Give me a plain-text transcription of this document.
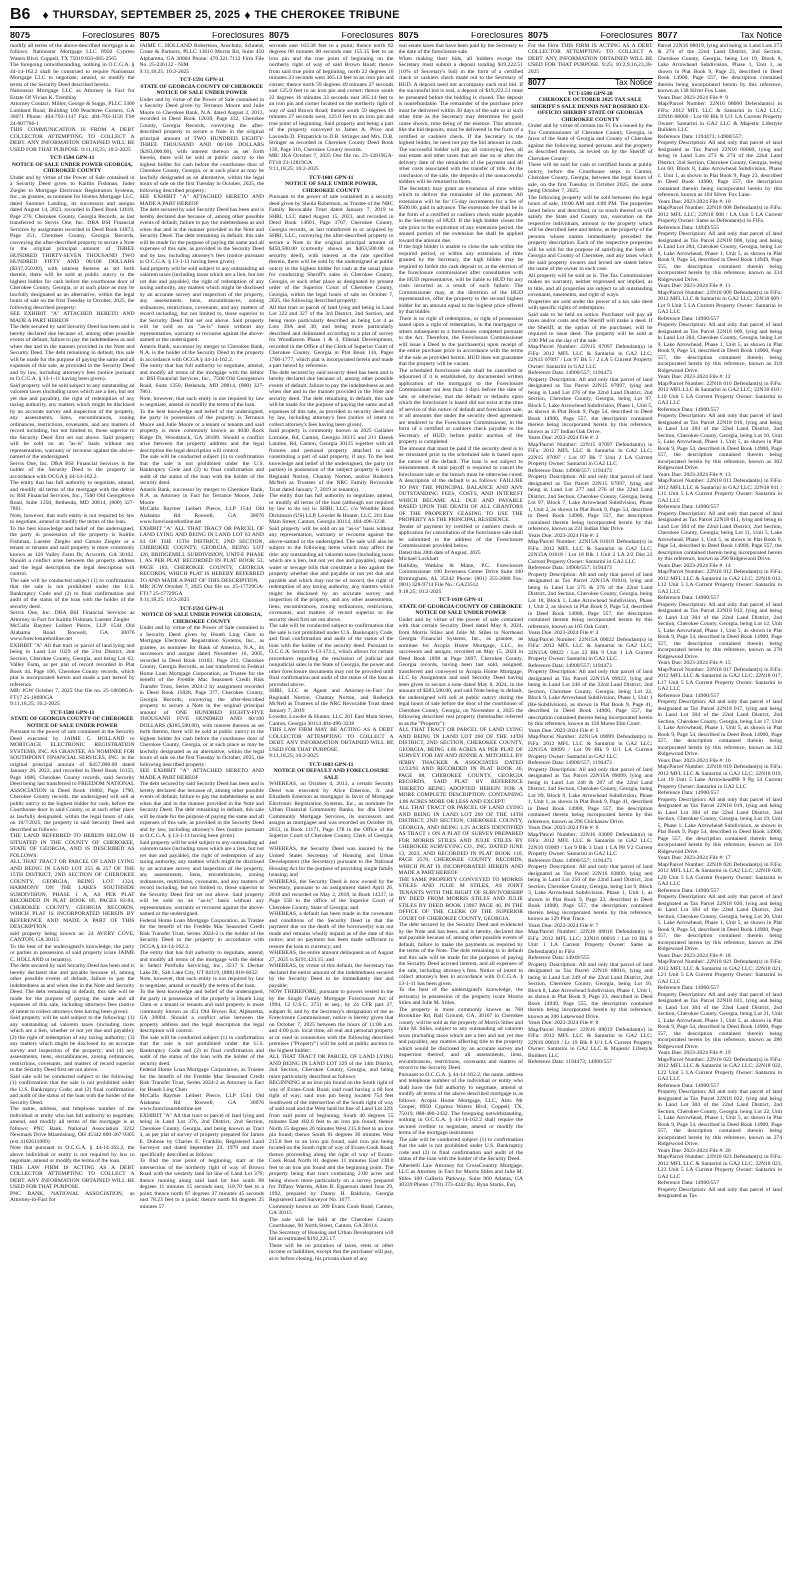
B6 ♦ THURSDAY, SEPTEMBER 25, 2025 ♦ THE CHEROKEE TRIBUNE
8075	Foreclosures

modify all terms of the above-described mortgage is as follows: Nationstar Mortgage LLC 8950 Cypress Waters Blvd. Coppell, TX 75019 833-685-2565

The foregoing notwithstanding, nothing in O.C.G.A. § 44-14-162.2 shall be construed to require Nationstar Mortgage LLC to negotiate, amend, or modify the terms of the Security Deed described herein.

Nationstar Mortgage LLC as Attorney in Fact for Estate Of Vivian K. Tremblay

Attorney Contact: Miller, George & Suggs, PLLC 3300 Lumbard Road, Building 100 Peachtree Corners, GA 30071 Phone: 404-793-1147 Fax: 404-793-1150 TS# 24-007766-1

THIS COMMUNICATION IS FROM A DEBT COLLECTOR ATTEMPTING TO COLLECT A DEBT. ANY INFORMATION OBTAINED WILL BE USED FOR THAT PURPOSE. 9:11,18,25; 10:2-2025

TCT-1584 GPN-11

NOTICE OF SALE UNDER POWER GEORGIA, CHEROKEE COUNTY

Under and by virtue of the Power of Sale contained in a Security Deed given to Kaitlin Fishman, Juder Ziegler to Mortgage Electronic Registration Systems, Inc., as grantee, as nominee for Homes Mortgage LLC, dated Summer Landing, its successors and assigns dated August 14, 2023, recorded in Deed Book 14618, Page 276, Cherokee County, Georgia Records, as last transferred to Servis One, Inc. DBA BSI Financial Services by assignment recorded in Deed Book 14873, Page 251, Cherokee County, Georgia Records, conveying the after-described property to secure a Note in the original principal amount of THREE HUNDRED THIRTY-SEVEN THOUSAND TWO HUNDRED FIFTY AND 00/100 DOLLARS ($337,250.00), with interest thereon as set forth therein, there will be sold at public outcry to the highest bidder for cash before the courthouse door of Cherokee County, Georgia, or at such place as may be lawfully designated as an alternative, within the legal hours of sale on the first Tuesday in October, 2025, the following described property:

SEE EXHIBIT "A" ATTACHED HERETO AND MADE A PART HEREOF

The debt secured by said Security Deed has been and is hereby declared due because of, among other possible events of default, failure to pay the indebtedness as and when due and in the manner provided in the Note and Security Deed. The debt remaining in default, this sale will be made for the purpose of paying the same and all expenses of this sale, as provided in the Security Deed and by law, including attorney's fees (notice pursuant to O.C.G.A. § 13-1-11 having been given).

Said property will be sold subject to any outstanding ad valorem taxes (including taxes which are a lien, but not yet due and payable), the right of redemption of any taxing authority, any matters which might be disclosed by an accurate survey and inspection of the property, any assessments, liens, encumbrances, zoning ordinances, restrictions, covenants, and any matters of record including, but not limited to, those superior to the Security Deed first set out above. Said property will be sold on an "as-is" basis without any representation, warranty or recourse against the above-named or the undersigned.

Servis One, Inc. DBA BSI Financial Services is the holder of the Security Deed to the property in accordance with OCGA § 44-14-162.2.

The entity that has full authority to negotiate, amend, and modify all terms of the mortgage with the debtor is: BSI Financial Services, Inc., 7500 Old Georgetown Road, Suite 1350, Bethesda, MD 20814, (800) 327-7861.

Note, however, that such entity is not required by law to negotiate, amend or modify the terms of the loan.

To the best knowledge and belief of the undersigned, the party in possession of the property is Kaitlin Fishman, Luester Ziegler and Carson Ziegler or a tenant or tenants and said property is more commonly known as 126 Valley Farm Dr, Acworth, GA 30102. Should a conflict arise between the property address and the legal description the legal description will control.

The sale will be conducted subject (1) to confirmation that the sale is not prohibited under the U.S. Bankruptcy Code and (2) to final confirmation and audit of the status of the loan with the holder of the security deed.

Servis One, Inc. DBA BSI Financial Services as Attorney in Fact for Kaitlin Fishman, Luester Ziegler

McCalla Raymer Leibert Pierce, LLP 1544 Old Alabama Road Roswell, GA 30076 www.foreclosurehotline.net

EXHIBIT "A" All that tract or parcel of land lying and being in Land Lot 1029 of the 21st District, 2nd Section, Cherokee County, Georgia, and being Lot 63, Valley Farm, as per plat of record recorded in Plat Book 44, Page 106, Cherokee County records, which plat is incorporated herein and made a part hereof by reference.

MR/ JGW October 7, 2025 Our file no. 25-18690GA-FT17 25-18690GA

9:11,18,25; 10:2-2025

TCT-1588 GPN-11

STATE OF GEORGIA COUNTY OF CHEROKEE NOTICE OF SALE UNDER POWER

Pursuant to the power of sale contained in the Security Deed executed by JAIME C. HOLLAND to MORTGAGE ELECTRONIC REGISTRATION SYSTEMS, INC. AS GRANTEE, AS NOMINEE FOR SOUTHPOINT FINANCIAL SERVICES, INC. in the original principal amount of $457,000.00 dated January 26, 2022, and recorded in Deed Book 16155, Page 1686, Cherokee County records, said Security Deed being last transferred to FREEDOM NATIONAL ASSOCIATION in Deed Book 16882, Page 1790, Cherokee County records, the undersigned will sell at public outcry to the highest bidder for cash, before the Courthouse door in said County, or at such other place as lawfully designated, within the legal hours of sale, on 10/7/2025, the property in said Security Deed and described as follows:

THE LAND REFERRED TO HEREIN BELOW IS SITUATED IN THE COUNTY OF CHEROKEE, STATE OF GEORGIA, AND IS DESCRIBED AS FOLLOWS:

ALL THAT TRACT OR PARCEL OF LAND LYING AND BEING IN LAND LOT 255 & 257 OF THE 15TH DISTRICT, 2ND SECTION OF CHEROKEE COUNTY, GEORGIA, BEING LOT 1324, HARMONY ON THE LAKES SOUTHSIDE SUBDIVISION, PHASE 1 A, AS PER PLAT RECORDED IN PLAT BOOK 89, PAGES 83-84, CHEROKEE COUNTY, GEORGIA RECORDS, WHICH PLAT IS INCORPORATED HEREIN BY REFERENCE AND MADE A PART OF THIS DESCRIPTION.

said property being known as: 24 AVERY COVE, CANTON, GA 30115

To the best of the undersigned's knowledge, the party or parties in possession of said property is/are JAIME C. HOLLAND or tenant(s).

The debt secured by said Security Deed has been and is hereby declared due and payable because of, among other possible events of default, failure to pay the indebtedness as and when due in the Note and Security Deed. The debt remaining in default, this sale will be made for the purpose of paying the same and all expenses of this sale, including attorneys fees (notice of intent to collect attorneys fees having been given).

Said property will be sold subject to the following: (1) any outstanding ad valorem taxes (including taxes which are a lien, whether or not yet due and payable); (2) the right of redemption of any taxing authority; (3) any matters which might be disclosed by an accurate survey and inspection of the property; and (4) any assessments, liens, encumbrances, zoning ordinances, restrictions, covenants, and matters of record superior to the Security Deed first set out above.

Said sale will be conducted subject to the following: (1) confirmation that the sale is not prohibited under the U.S. Bankruptcy Code; and (2) final confirmation and audit of the status of the loan with the holder of the Security Deed.

The name, address, and telephone number of the individual or entity who has full authority to negotiate, amend, and modify all terms of the mortgage is as follows: PNC Bank, National Association 3232 Newmark Drive Miamisburg, OH 45342 800-367-9305 (ext 4102611089)

Note that pursuant to O.C.G.A. § 44-14-162.2, the above individual or entity is not required by law to negotiate, amend or modify the terms of the loan.

THIS LAW FIRM IS ACTING AS A DEBT COLLECTOR ATTEMPTING TO COLLECT A DEBT. ANY INFORMATION OBTAINED WILL BE USED FOR THAT PURPOSE.

PNC BANK, NATIONAL ASSOCIATION, as Attorney-in-Fact for

8075	Foreclosures

JAIME C. HOLLAND Robertson, Anschutz, Schneid, Crane & Partners, PLLC 13010 Morris Rd, Suite 450 Alpharetta, GA 30004 Phone: 470.321.7112 Firm File No. 25-236132 - NiM

9:11,18,25; 10:2-2025

TCT-1591 GPN-11

STATE OF GEORGIA COUNTY OF CHEROKEE NOTICE OF SALE UNDER POWER

Under and by virtue of the Power of Sale contained in a Security Deed given by Terrance Moore and Julie Moore to Cherokee Bank, N.A. dated August 2, 2013, recorded in Deed Book 12039, Page 432, Cherokee County, Georgia Records, conveying the after-described property to secure a Note in the original principal amount of TWO HUNDRED EIGHTY-THREE THOUSAND AND 00/100 DOLLARS ($283,000.00), with interest thereon as set forth therein, there will be sold at public outcry to the highest bidder for cash before the courthouse door of Cherokee County, Georgia, or at such place as may be lawfully designated as an alternative, within the legal hours of sale on the first Tuesday in October, 2025, the following described property:

SEE EXHIBIT "A" ATTACHED HERETO AND MADE A PART HEREOF

The debt secured by said Security Deed has been and is hereby declared due because of, among other possible events of default, failure to pay the indebtedness as and when due and in the manner provided in the Note and Security Deed. The debt remaining in default, this sale will be made for the purpose of paying the same and all expenses of this sale, as provided in the Security Deed and by law, including attorney's fees (notice pursuant to O.C.G.A. § 13-1-11 having been given).

Said property will be sold subject to any outstanding ad valorem taxes (including taxes which are a lien, but not yet due and payable), the right of redemption of any taxing authority, any matters which might be disclosed by an accurate survey and inspection of the property, any assessments, liens, encumbrances, zoning ordinances, restrictions, covenants, and any matters of record including, but not limited to, those superior to the Security Deed first set out above. Said property will be sold on an "as-is" basis without any representation, warranty or recourse against the above-named or the undersigned.

Ameris Bank, successor by merger to Cherokee Bank, N.A. is the holder of the Security Deed to the property in accordance with OCGA § 44-14-162.2.

The entity that has full authority to negotiate, amend, and modify all terms of the mortgage with the debtor is: BSI Financial Services, Inc., 7500 Old Georgetown Road, Suite 1350, Bethesda, MD 20814, (800) 327-7861.

Note, however, that such entity is not required by law to negotiate, amend or modify the terms of the loan.

To the best knowledge and belief of the undersigned, the party in possession of the property is Terrance Moore and Julie Moore or a tenant or tenants and said property is more commonly known as 4040 Rock Ridge Dr, Woodstock, GA 30189. Should a conflict arise between the property address and the legal description the legal description will control.

The sale will be conducted subject (1) to confirmation that the sale is not prohibited under the U.S. Bankruptcy Code and (2) to final confirmation and audit of the status of the loan with the holder of the security deed.

Ameris Bank, successor by merger to Cherokee Bank, N.A. as Attorney in Fact for Terrance Moore, Julie Moore

McCalla Raymer Leibert Pierce, LLP 1544 Old Alabama Rd Roswell, GA 30076 www.foreclosurehotline.net

EXHIBIT "A" ALL THAT TRACT OR PARCEL OF LAND LYING AND BEING IN LAND LOT 63 AND 64 OF THE 15TH DISTRICT, 2ND SECTION, CHEROKEE COUNTY, GEORGIA, BEING LOT 426, BRIDGEMILL SUBDIVISION, UNIT-E PHASE I, AS PER PLAT RECORDED IN PLAT BOOK 53, PAGE 183, CHEROKEE COUNTY, GEORGIA RECORDS, WHICH PLAT IS HEREBY REFERRED TO AND MADE A PART OF THIS DESCRIPTION.

MR/ JGW October 7, 2025 Our file no. 25-17729GA-FT17 25-17729GA

9:11,18,25; 10:2-2025

TCT-1593 GPN-11

NOTICE OF SALE UNDER POWER GEORGIA, CHEROKEE COUNTY

Under and by virtue of the Power of Sale contained in a Security Deed given by Hsueh Ling Chen to Mortgage Electronic Registration Systems, Inc., as grantee, as nominee for Bank of America, N.A., its successors and assigns dated November 16, 2005, recorded in Deed Book 10183, Page 211, Cherokee County, Georgia Records, as last transferred to Federal Home Loan Mortgage Corporation, as Trustee for the benefit of the Freddie Mac Seasoned Credit Risk Transfer Trust, Series 2024-2 by assignment recorded in Deed Book 15028, Page 377, Cherokee County, Georgia Records, conveying the after-described property to secure a Note in the original principal amount of ONE HUNDRED EIGHTY-FIVE THOUSAND FIVE HUNDRED AND 00/100 DOLLARS ($185,500.00), with interest thereon as set forth therein, there will be sold at public outcry to the highest bidder for cash before the courthouse door of Cherokee County, Georgia, or at such place as may be lawfully designated as an alternative, within the legal hours of sale on the first Tuesday in October, 2025, the following described property:

SEE EXHIBIT "A" ATTACHED HERETO AND MADE A PART HEREOF

The debt secured by said Security Deed has been and is hereby declared due because of, among other possible events of default, failure to pay the indebtedness as and when due and in the manner provided in the Note and Security Deed. The debt remaining in default, this sale will be made for the purpose of paying the same and all expenses of this sale, as provided in the Security Deed and by law, including attorney's fees (notice pursuant to O.C.G.A. § 13-1-11 having been given).

Said property will be sold subject to any outstanding ad valorem taxes (including taxes which are a lien, but not yet due and payable), the right of redemption of any taxing authority, any matters which might be disclosed by an accurate survey and inspection of the property, any assessments, liens, encumbrances, zoning ordinances, restrictions, covenants, and any matters of record including, but not limited to, those superior to the Security Deed first set out above. Said property will be sold on an "as-is" basis without any representation, warranty or recourse against the above-named or the undersigned.

Federal Home Loan Mortgage Corporation, as Trustee for the benefit of the Freddie Mac Seasoned Credit Risk Transfer Trust, Series 2024-2 is the holder of the Security Deed to the property in accordance with OCGA § 44-14-162.2.

The entity that has full authority to negotiate, amend, and modify all terms of the mortgage with the debtor is: Select Portfolio Servicing, Inc., 3217 S. Decker Lake Dr., Salt Lake City, UT 84119, (888) 818-6032.

Note, however, that such entity is not required by law to negotiate, amend or modify the terms of the loan.

To the best knowledge and belief of the undersigned, the party in possession of the property is Hsueh Ling Chen or a tenant or tenants and said property is more commonly known as 451 Old Brown Rd, Alpharetta, GA 30004. Should a conflict arise between the property address and the legal description the legal description will control.

The sale will be conducted subject (1) to confirmation that the sale is not prohibited under the U.S. Bankruptcy Code and (2) to final confirmation and audit of the status of the loan with the holder of the security deed.

Federal Home Loan Mortgage Corporation, as Trustee for the benefit of the Freddie Mac Seasoned Credit Risk Transfer Trust, Series 2024-2 as Attorney in Fact for Hsueh Ling Chen

McCalla Raymer Leibert Pierce, LLP 1544 Old Alabama Rd Roswell, GA 30076 www.foreclosurehotline.net

EXHIBIT "A" All that tract or parcel of land lying and being in Land Lot 376, 2nd District, 2nd Section, Cherokee County, Georgia, and being known as Tract 4, as per plat of survey of property prepared for James E. Dubose by Charles E. Franklin, Registered Land Surveyor and dated September 24, 1979 and more specifically described as follows:

To find the true point of beginning, start at the intersection of the northerly right of way of Brown Road with the westerly land lot line of Land Lot 376; thence running along said land lot line south 88 degrees 11 minutes 15 seconds east, 118.70 feet to a point; thence north 87 degrees 37 minutes 45 seconds east 78.23 feet to a point; thence north 84 degrees 25 minutes 57

8075	Foreclosures

seconds east 163.38 feet to a point; thence north 82 degrees 08 minutes 00 seconds east 155.35 feet to an iron pin and the true point of beginning on the northerly right of way of said Brown Road; thence from said true point of beginning, north 22 degrees 16 minutes 33 seconds west 365.14 feet to an iron pin and corner; thence north 59 degrees 49 minutes 27 seconds east 125.0 feet to an iron pin and corner; thence south 22 degrees 16 minutes 33 seconds east 365.14 feet to an iron pin and corner located on the northerly right of way of said Brown Road; thence south 59 degrees 49 minutes 27 seconds west, 125.0 feet to an iron pin and true point of beginning. Said property and being a part of the property conveyed to James A. Price and Lavonda D. Fitzpatrick to D.B. Stringer and Mrs. D.B. Stringer as recorded in Cherokee County Deed Book 136, Page 316, Cherokee County records.

MR/ JKA October 7, 2025 Our file no. 23-12819GA-FT18 23-12819GA

9:11,18,25; 10:2-2025

TCT-1601 GPN-11

NOTICE OF SALE UNDER POWER, CHEROKEE COUNTY

Pursuant to the power of sale contained in a security deed given by Sheila Robertson, as Trustee of the NRC Family Revocable Trust dated January 7, 2019 to SHRI, LLC dated August 15, 2023, and recorded in Deed Book 14601, Page 3707, Cherokee County, Georgia records, as last transferred to or acquired by SHRI, LLC, conveying the after-described property to secure a Note in the original principal amount of $450,500.00 (currently shown as $463,500.00 on security deed), with interest at the rate specified therein, there will be sold by the undersigned at public outcry to the highest bidder for cash at the usual place for conducting Sheriff's sales in Cherokee County, Georgia, or such other place as designated by present order of the Superior Court of Cherokee County, Georgia, within the legal hours of sale on October 7, 2025, the following described property:

All that tract or parcel of land lying and being in Land Lot 322 and 327 of the 3rd District, 2nd Section, and being more particularly described as being Lot 4 as Lots 39A and 30, and being more particularly described and delineated according to a plat of survey for Woodhaven Phase 1 & 4, Ellenah Development, recorded in the Office of the Clerk of Superior Court of Cherokee County, Georgia in Plat Book 116, Pages 1766-1777, which plat is incorporated herein and made a part hereof by reference.

The debt secured by said security deed has been and is hereby declared due because of, among other possible events of default, failure to pay the indebtedness as and when due and in the manner provided in the Note and security deed. The debt remaining in default, this sale will be made for the purpose of paying the same and all expenses of this sale, as provided in security deed and by law, including attorney's fees (notice of intent to collect attorney's fees having been given).

Said property is commonly known as 2025 Gallaher Lorraine, Rd, Canton, Georgia 30115 and 211 Eleesh Lantine, Rd, Canton, Georgia 30115 together with all fixtures and personal property attached to and constituting a part of said property, if any. To the best knowledge and belief of the undersigned, the party (or parties) in possession of the subject property is (are): Reginald Norton, Chantay Norton, and/or Roderick McNeil as Trustees of the NRC Family Revocable Trust dated January 7, 2019 or tenant(s).

The entity that has full authority to negotiate, amend, or modify all terms of the loan (although not required by law to do so) is: SHRI, LLC, c/o Womble Bond Dickinson (US) LLP, Lowder & Hunter, LLC, 261 East Main Street, Canton, Georgia 30114, 404-496-3238.

Said property will be sold on an "as-is" basis without any representation, warranty or recourse against the above-named or the undersigned. The sale will also be subject to the following items which may affect the title: any outstanding ad valorem taxes (including taxes which are a lien, but not yet due and payable), unpaid water or sewage bills that constitute a lien against the property whether due and payable or not yet due and payable and which may not be of record, the right of redemption of any taxing authority, any matters which might be disclosed by an accurate survey and inspection of the property, and any other assessments, liens, encumbrances, zoning ordinances, restrictions, covenants, and matters of record superior to the security deed first set out above.

The sale will be conducted subject to confirmation that the sale is not prohibited under U.S. Bankruptcy Code, and final confirmation and audit of the status of the loan with the holder of the security deed. Pursuant to O.C.G.A. Section 9-13-172.1, which allows for certain procedures regarding the rescission of judicial and nonjudicial sales in the State of Georgia, the power and other foreclosure documents may not be provided until final confirmation and audit of the status of the loan as provided above.

SHRI, LLC as Agent and Attorney-in-Fact for Reginald Norton, Chantay Norton, and Roderick McNeil as Trustees of the NRC Revocable Trust dated January 7, 2019

Lowder, Lowder & Hunter, LLC 261 East Main Street, Canton, Georgia 30114 404-496-3238

THIS LAW FIRM MAY BE ACTING AS A DEBT COLLECTOR ATTEMPTING TO COLLECT A DEBT. ANY INFORMATION OBTAINED WILL BE USED FOR THAT PURPOSE.

9:11,18,25; 10:2-2025

TCT-1603 GPN-11

NOTICE OF DEFAULT AND FORECLOSURE SALE

WHEREAS, on October 4, 2013, a certain Security Deed was executed by Alice Emerson, Jr. and Elizabeth Emerson as mortgagor in favor of Mortgage Electronic Registration Systems, Inc., as nominee for Urban Financial Community Banks, Inc dba United Community Mortgage Services, its successors and assigns as mortgagee and was recorded on October 18, 2013, in Book 11171, Page 178 in the Office of the Superior Court of Cherokee County, Clerk of Georgia; and

WHEREAS, the Security Deed was insured by the United States Secretary of Housing and Urban Development (the Secretary) pursuant to the National Housing Act for the purpose of providing single family housing; and

WHEREAS, the Security Deed is now owned by the Secretary, pursuant to an assignment dated April 26, 2018 and recorded on May 2, 2018, in Book 14337, in Page 558 in the office of the Superior Court of Cherokee County, State of Georgia; and

WHEREAS, a default has been made in the covenants and conditions of the Security Deed in that the payment due on the death of the borrower(s) was not made and remains wholly unpaid as of the date of this notice, and no payment has been made sufficient to restore the loan to currency; and

WHEREAS, the entire amount delinquent as of August 27, 2025 is $191,424.15; and

WHEREAS, by virtue of this default, the Secretary has declared the entire amount of the indebtedness secured by the Security Deed to be immediately due and payable;

NOW THEREFORE, pursuant to powers vested in me by the Single Family Mortgage Foreclosure Act of 1994, 12 U.S.C. 3751 et seq., by 24 CFR part 27, subpart B, and by the Secretary's designation of me as Foreclosure Commissioner, notice is hereby given that on October 7, 2025 between the hours of 11:00 a.m. and 4:00 p.m. local time, all real and personal property at or used in connection with the following described premises ("Property") will be sold at public auction to the highest bidder:

ALL THAT TRACT OR PARCEL OF LAND LYING AND BEING IN LAND LOT 329 of the 14th District, 2nd Section, Cherokee County, Georgia, and being more particularly described as follows:

BEGINNING at an iron pin found on the South right of way of Evans-Cook Road, said road having a 60 foot right of way; said iron pin being located 754 feet Southwest of the intersection of the South right of way of said road and the West land lot line of Land Lot 329; from said point of beginning, South 40 degrees 55 minutes East 402.6 feet to an iron pin found; thence North 15 degrees 26 minutes West 215.8 feet to an iron pin found; thence South 81 degrees 36 minutes West 215.8 feet to an iron pin found, said iron pin being located on the South right of way of Evans-Cook Road; thence proceeding along the right of way of Evans-Cook Road North 81 degrees 11 minutes East 230.0 feet to an iron pin found and the beginning point. The property being that tract containing 2.00 acres and being shown more particularly on a survey prepared for Tiffany Warren, Allen B. Epperson dated June 29, 1992, prepared by Danny H. Baldwin, Georgia Registered Land Surveyor No. 1677.

Commonly known as: 209 Evans Cook Road, Canton, GA 30115

The sale will be held at the Cherokee County Courthouse, 90 North Street, Canton, GA 30114.

The Secretary of Housing and Urban Development will bid an estimated $192,225.17.

There will be no proration of taxes, rents or other income or liabilities, except that the purchaser will pay, at or before closing, his prorata share of any

8075	Foreclosures

real estate taxes that have been paid by the Secretary to the date of the foreclosure sale.

When making their bids, all bidders except the Secretary must submit a deposit totaling $19,222.51 (10% of Secretary's bid) in the form of a certified check or cashiers check made out to the Secretary of HUD. A deposit need not accompany each oral bid. If the successful bid is oral, a deposit of $19,222.51 must be presented before the bidding is closed. The deposit is nonrefundable. The remainder of the purchase price must be delivered within 30 days of the sale or at such other time as the Secretary may determine for good cause shown, time being of the essence. This amount, like the bid deposits, must be delivered in the form of a certified or cashiers check. If the Secretary is the highest bidder, he need not pay the bid amount in cash. The successful bidder will pay all conveying fees, all real estate and other taxes that are due on or after the delivery date of the remainder of the payment and all other costs associated with the transfer of title. At the conclusion of the sale, the deposits of the unsuccessful bidders will be returned to them.

The Secretary may grant an extension of time within which to deliver the remainder of the payment. All extensions will be for 15-day increments for a fee of $500.00, paid in advance. The extension fee shall be in the form of a certified or cashiers check made payable to the Secretary of HUD. If the high bidder closes the sale prior to the expiration of any extension period, the unused portion of the extension fee shall be applied toward the amount due.

If the high bidder is unable to close the sale within the required period, or within any extensions of time granted by the Secretary, the high bidder may be required to forfeit the cash deposit or, at the election of the foreclosure commissioner after consultation with the HUD representative, will be liable to HUD for any costs incurred as a result of such failure. The Commissioner may, at the direction of the HUD representative, offer the property to the second highest bidder for an amount equal to the highest price offered by that bidder.

There is no right of redemption, or right of possession based upon a right of redemption, in the mortgagor or others subsequent to a foreclosure completed pursuant to the Act. Therefore, the Foreclosure Commissioner will issue a Deed to the purchaser(s) upon receipt of the entire purchase price in accordance with the terms of the sale as provided herein. HUD does not guarantee that the property will be vacant.

The scheduled foreclosure sale shall be cancelled or adjourned if it is established, by documented written application of the mortgagor to the Foreclosure Commissioner not less than 3 days before the date of sale, or otherwise, that the default or defaults upon which the foreclosure is based did not exist at the time of service of this notice of default and foreclosure sale, or all amounts due under the security deed agreement are tendered to the Foreclosure Commissioner, in the form of a certified or cashiers check payable to the Secretary of HUD, before public auction of the property is completed.

The amount that must be paid if the security deed is to be reinstated prior to the scheduled sale is based upon the nature of the default. The loan is not subject to reinstatement. A total payoff is required to cancel the foreclosure sale or the breach must be otherwise cured. A description of the default is as follows: FAILURE TO PAY THE PRINCIPAL BALANCE AND ANY OUTSTANDING FEES, COSTS, AND INTEREST WHICH BECAME ALL DUE AND PAYABLE BASED UPON THE DEATH OF ALL GRANTORS OF THE PROPERTY CEASING TO USE THE PROPERTY AS THE PRINCIPAL RESIDENCE.

Tender of payment by certified or cashiers check or application for cancellation of the foreclosure sale shall be submitted to the address of the Foreclosure Commissioner provided below.

Dated this 28th date of August, 2025

Michael Lockhart

Halliday, Watkins & Mann, P.C. Foreclosure Commissioner 100 Inverness Center Drive Suite 100 Birmingham, AL 35242 Phone: (801) 355-2886 Fax: (801) 328-9714 File No.: GA23512

9:18,25; 10:2-2025

TCT-1610 GPN-11

STATE OF GEORGIA COUNTY OF CHEROKEE NOTICE OF SALE UNDER POWER

Under and by virtue of the power of sale contained with that certain Security Deed dated May 8, 2024, from Morris Stiles and Julie M. Stiles to Northeast Georgia Financial Systems, Inc., as grantee, as nominee for Acopia Home Mortgage, LLC, its successors and assigns, recorded on May 15, 2024 in Deed Book 1898 at Page 3697, Cherokee County, Georgia records, having been last sold, assigned, transferred and conveyed to Acopia Home Mortgage, LLC by Assignment and said Security Deed having been given to secure a note dated May 8, 2024, in the amount of $283,500.00, and said Note being in default, the undersigned will sell at public outcry during the legal hours of sale before the door of the courthouse of Cherokee County, Georgia, on November 4, 2025 the following described real property (hereinafter referred to as the "Property"):

ALL THAT TRACT OR PARCEL OF LAND LYING AND BEING IN LAND LOT 260 OF THE 14TH DISTRICT, 2ND SECTION, CHEROKEE COUNTY, GEORGIA, BEING 4.86 ACRES AS PER PLAT OF SURVEY FOR JAY AND JENNIE A. MITCHELL BY JERRY THACKER & ASSOCIATES DATED 12/23/93 AND RECORDED IN PLAT BOOK 46, PAGE 88, CHEROKEE COUNTY, GEORGIA RECORDS, SAID PLAT BY REFERENCE THERETO BEING ADOPTED HEREIN FOR A MORE COMPLETE DESCRIPTION. CONTAINING 4.86 ACRES MORE OR LESS AND EXCEPT:

ALL THAT TRACT OR PARCEL OF LAND LYING AND BEING IN LAND LOT 260 OF THE 14TH DISTRICT, 2ND SECTION, CHEROKEE COUNTY, GEORGIA, AND BEING 1.25 ACRES IDENTIFIED AS TRACT 1 ON A PLAT OF SURVEY PREPARED FOR MORRIS STILES AND JULIE STILES BY CHEROKEE SURVEYING CO., INC. DATED JUNE 13, 2023, AND RECORDED IN PLAT BOOK 110, PAGE 2570, CHEROKEE COUNTY RECORDS, WHICH PLAT IS INCORPORATED HEREIN AND MADE A PART HEREOF.

THE SAME PROPERTY CONVEYED TO MORRIS STILES AND JULIE M STILES, AS JOINT TENANTS WITH THE RIGHT OF SURVIVORSHIP BY DEED FROM MORRIS STILES AND JULIE STILES BY DEED BOOK 13967 PAGE 46, IN THE OFFICE OF THE CLERK OF THE SUPERIOR COURT OF CHEROKEE COUNTY, GEORGIA.

The debt secured by the Security Deed and evidenced by the Note and has been, and is hereby, declared due and payable because of, among other possible events of default, failure to make the payments as required by the terms of the Note. The debt remaining is in default and this sale will be made for the purposes of paying the Security Deed accrued interest, and all expenses of the sale, including attorney's fees. Notice of intent to collect attorney's fees in accordance with O.C.G.A. § 13-1-11 has been given.

To the best of the undersigned's knowledge, the person(s) in possession of the property is/are Morris Stiles and Julie M. Stiles.

The property is more commonly known as 768 Brookline Rd, Ball Ground, GA, 30107 in Cherokee county, will be sold as the property of Morris Stiles and Julie M. Stiles, subject to any outstanding ad valorem taxes (including taxes which are a lien and not yet due and payable), any matters affecting title to the property which would be disclosed by an accurate survey and inspection thereof, and all assessments, liens, encumbrances, restrictions, covenants and matters of record to the Security Deed.

Pursuant to O.C.G.A. § 44-14-162.2, the name, address and telephone number of the individual or entity who shall have the full authority to negotiate, amend or modify all terms of the above described mortgage is as follows: Acopia Home Mortgage, LLC, Attn: Mr Cooper, 8950 Cypress Waters Blvd, Coppell, TX, 75019, 888-480-2432. The foregoing notwithstanding, nothing in O.C.G.A. § 44-14-162.2 shall require the secured creditor to negotiate, amend or modify the terms of the mortgage instrument.

The sale will be conducted subject (1) to confirmation that the sale is not prohibited under U.S. Bankruptcy code and (2) to final confirmation and audit of the status of the loan with the holder of the Security Deed.

Albertelli Law Attorney for CrossCountry Mortgage, LLC as Attorney in Fact for Morris Stiles and Julie M. Stiles 100 Galleria Parkway, Suite 960 Atlanta, GA 30339 Phone: (770) 373-4242 By: Ryan Starks, Esq.

8075	Foreclosures

For the Firm THIS FIRM IS ACTING AS A DEBT COLLECTOR ATTEMPTING TO COLLECT A DEBT. ANY INFORMATION OBTAINED WILL BE USED FOR THAT PURPOSE. 9:25; 10:2,9,16,23,30-2025

8077	Tax Notice

TCT-1588 GPN-20

CHEROKEE OCTOBER 2025 TAX SALE SHERIFF'S SALE DENNIS NAT ROSERIO EX-OFFICIO SHERIFF STATE OF GEORGIA CHEROKEE COUNTY

Under and by virtue of certain tax Fi. Fa.s issued by the Tax Commissioner of Cherokee County, Georgia, in favor of the State of Georgia and County of Cherokee against the following named persons and the property as described therein, as levied on by the Sheriff of Cherokee County:

There will be sold for cash or certified funds at public outcry, before the Courthouse steps in Canton, Cherokee County, Georgia, between the legal hours of sale, on the first Tuesday in October 2025, the same being October 7, 2025.

The following property will be sold between the legal hours of sale, 10:00 AM and 4:00 PM. The properties listed below and described, or so much thereof as will satisfy the State and County tax, execution on the respective individuals, amount to the property which will be described here and below, as the property of the persons whose names immediately preceded the property description. Each of the respective properties will be sold for the purpose of satisfying the State of Georgia and County of Cherokee, and any taxes which the said property owners and levied are stated below the name of the owner in each case.

All property will be sold as is. The Tax Commissioner makes no warranty, neither expressed nor implied, as to title, and all properties are subject to all outstanding covenants, easements, and right of ways.

Properties are sold under the power of a tax sale deed with specific rights of redemption.

Said sale to be held on notice. Purchaser will pay all taxes and/or costs and the Sheriff will make a deed. If the Sheriff, at the option of the purchaser, will be required to issue deed. The property will be sold at 2:00 PM on the day of the sale.

Map/Parcel Number: 22N15 07097 Defendant(s) in FiFa: 2012 MFL LLC & Santarini in GA2 LLC; 22N15 07097 / Lot 97 Bk 5 / 2 LA 5 Current Property Owner: Santarini in GA2 LLC

Reference Data: 14900/557; 1194473

Property Description: All and only that parcel of land designated as Tax Parcel 22N15 07097, lying and being in Land Lot 276 of the 22nd Land District, 2nd Section, Cherokee County, Georgia, being Lot 97, Block 5, Lake Arrowhead Subdivision, Phase 1, Unit 5, as shown in Plat Book 9, Page 54, described in Deed Book 14900, Page 557, the description contained therein being incorporated herein by this reference, known as 127 Indian Oak Drive.

Years Due: 2023-2024 File #: 2

Map/Parcel Number: 22N15 07097 Defendant(s) in FiFa: 2012 MFL LLC & Santarini in GA2 LLC; 22N15 07097 / Lot 97 Bk 7 Unit 2 LA Current Property Owner: Santarini in GA2 LLC

Reference Data: 14900/557; 1194473

Property Description: All and only that parcel of land designated as Tax Parcel 22N15 07097, lying and being in Land Lot 277 and 276 of the 22nd Land District, 2nd Section, Cherokee County, Georgia, being Lot 97, Block 7, Lake Arrowhead Subdivision, Phase 1, Unit 2, as shown in Plat Book 9, Page 54, described in Deed Book 14900, Page 557, the description contained therein being incorporated herein by this reference, known as 231 Indian Oak Drive.

Years Due: 2023-2024 File #: 3

Map/Parcel Number: 22N15A 01018 Defendant(s) in FiFa: 2012 MFL LLC & Santarini in GA2 LLC; 22N15A 01018 / Lot 18 Blk 1 Unit 2 LA 2/2 Dist 22 Current Property Owner: Santarini in GA2 LLC

Reference Data: 14900/557; 1194473

Property Description: All and only that parcel of land designated as Tax Parcel 22N15A 01018, lying and being in Land Lot 275 & 276 of the 22nd Land District, 2nd Section, Cherokee County, Georgia, being Lot 18, Block 1, Lake Arrowhead Subdivision, Phase 1, Unit 2, as shown in Plat Book 9, Page 54, described in Deed Book 14900, Page 557, the description contained therein being incorporated herein by this reference, known as 105 Oak Court.

Years Due: 2023-2024 File #: 4

Map/Parcel Number: 22N15A 09022 Defendant(s) in FiFa: 2012 MFL LLC & Santarini in GA2 LLC; 22N15A 09022 / Lot 22 Blk 9 Unit 1 LA Current Property Owner: Santarini in GA2 LLC

Reference Data: 14900/557; 1194473

Property Description: All and only that parcel of land designated as Tax Parcel 22N15A 09022, lying and being in Land Lot 246 of the 22nd Land District, 2nd Section, Cherokee County, Georgia, being Lot 22, Block 9, Lake Arrowhead Subdivision, Phase 1, Unit 1 (Re-Subdivision), as shown in Plat Book 9, Page 41, described in Deed Book 14900, Page 557, the description contained therein being incorporated herein by this reference, known as 158 Morse Elm Court.

Years Due: 2023-2024 File #: 5

Map/Parcel Number: 22N15A 09099 Defendant(s) in FiFa: 2012 MFL LLC & Santarini in GA2 LLC; 22N15A 09099 / Lot 99 Blk 9 U/1 LA Current Property Owner: Santarini in GA2 LLC

Reference Data: 14900/557; 1194473

Property Description: All and only that parcel of land designated as Tax Parcel 22N15A 09099, lying and being in Land Lot 246 & 207 of the 22nd Land District, 2nd Section, Cherokee County, Georgia, being Lot 99, Block 9, Lake Arrowhead Subdivision, Phase 1, Unit 1, as shown in Plat Book 9, Page 41, described in Deed Book 14900, Page 557, the description contained therein being incorporated herein by this reference, known as 296 Chickasaw Drive.

Years Due: 2023-2024 File #: 6

Map/Parcel Number: 22N16 03009 Defendant(s) in FiFa: 2012 MFL LLC & Santarini in GA2 LLC; 22N16 03009 / Lot 9 Blk 3 Unit 1 LA P8 V2 Current Property Owner: Santarini in GA2 LLC

Reference Data: 14900/557; 1194473

Property Description: All and only that parcel of land designated as Tax Parcel 22N16 03009, lying and being in Land Lot 250 of the 22nd Land District, 2nd Section, Cherokee County, Georgia, being Lot 9, Block 3, Lake Arrowhead Subdivision, Phase 1, Unit 1, as shown in Plat Book 9, Page 23, described in Deed Book 14900, Page 557, the description contained therein being incorporated herein by this reference, known as 129 Pine Trace.

Years Due: 2023-2024 File #: 7

Map/Parcel Number: 22N16 08016 Defendant(s) in FiFa: 2012 MFL LLC; 22N16 08016 / Lot 16 Blk 8 Unit 1 LA Current Property Owner: Same as Defendant(s) in FiFa

Reference Data: 14949/555

Property Description: All and only that parcel of land designated as Tax Parcel 22N16 08016, lying and being in Land Lot 249 of the 22nd Land District, 2nd Section, Cherokee County, Georgia, being Lot 16, Block 8, Lake Arrowhead Subdivision, Phase 1, Unit 1, as shown in Plat Book 9, Page 23, described in Deed Book 14949, Page 555, the description contained therein being incorporated herein by this reference, known as 206 Lakewood Drive.

Years Due: 2023-2024 File #: 8

Map/Parcel Number: 22N16 08019 Defendant(s) in FiFa: 2012 MFL LLC & Santarini in GA2 LLC; 22N16 08019 / Lt 19 Blk 8 U/1 LA Current Property Owner: Santarini in GA2 LLC & Majestic Lifestyle Builders LLC

Reference Data: 1194473; 14900/557

8077	Tax Notice

Parcel 22N16 08019, lying and being in Land Lots 273 & 274 of the 22nd Land District, 2nd Section, Cherokee County, Georgia, being Lot 19, Block 8, Lake Arrowhead Subdivision, Phase 1, Unit 1, as shown in Plat Book 9, Page 23, described in Deed Book 14900, Page 557, the description contained therein being incorporated herein by this reference, known as 138 Silver Fox Lane.

Years Due: 2023-2024 File #: 9

Map/Parcel Number: 22N16 08060 Defendant(s) in FiFa: 2012 MFL LLC & Santarini in GA2 LLC; 22N16 08060 / Lot 60 Blk 8 U/1 LA Current Property Owner: Santarini in GA2 LLC & Majestic Lifestyle Builders LLC

Reference Data: 1194473; 14900/557;

Property Description: All and only that parcel of land designated as Tax Parcel 22N16 08060, lying and being in Land Lots 273 & 274 of the 22nd Land District, 2nd Section, Cherokee County, Georgia, being Lot 60, Block 8, Lake Arrowhead Subdivision, Phase 1, Unit 1, as shown in Plat Book 9, Page 23, described in Deed Book 14900, Page 557, the description contained therein being incorporated herein by this reference, known as 104 Silver Fox Lane.

Years Due: 2023-2024 File #: 10

Map/Parcel Number: 22N18 008 Defendant(s) in FiFa: 2012 MFL LLC; 22N18 008 / LA Unit 5 LA Current Property Owner: Same as Defendant(s) in FiFa

Reference Data: 14949/555

Property Description: All and only that parcel of land designated as Tax Parcel 22N18 008, lying and being in Land Lot 284, Cherokee County, Georgia, being Lot 8, Lake Arrowhead, Phase 1, Unit 5, as shown in Plat Book 9, Page 54, described in Deed Book 14949, Page 555, the description contained therein being incorporated herein by this reference, known as 334 Ridgewood Drive.

Years Due: 2023-2024 File #: 11

Map/Parcel Number: 22N18 009 Defendant(s) in FiFa: 2012 MFL LLC & Santarini in GA2 LLC; 22N18 009 / Lot 9 Unit 5 LA Current Property Owner: Santarini in GA2 LLC

Reference Data: 14900/557

Property Description: All and only that parcel of land designated as Tax Parcel 22N18 009, lying and being in Land Lot 284, Cherokee County, Georgia, being Lot 9, Lake Arrowhead, Phase 1, Unit 5, as shown in Plat Book 9, Page 54, described in Deed Book 14900, Page 557, the description contained therein being incorporated herein by this reference, known as 318 Ridgewood Drive.

Years Due: 2023-2024 File #: 12

Map/Parcel Number: 22N18 010 Defendant(s) in FiFa: 2012 MFL LLC & Santarini in GA2 LLC; 22N18 010 / L10 Unit 5 LA Current Property Owner: Santarini in GA2 LLC

Reference Data: 14900/557

Property Description: All and only that parcel of land designated as Tax Parcel 22N18 010, lying and being in Land Lot 284 of the 22nd Land District, 2nd Section, Cherokee County, Georgia, being Lot 10, Unit 5, Lake Arrowhead, Phase 1, Unit 5, as shown in Plat Book 9, Page 54, described in Deed Book 14900, Page 557, the description contained therein being incorporated herein by this reference, known as 302 Ridgewood Drive.

Years Due: 2023-2024 File #: 13

Map/Parcel Number: 22N18 011 Defendant(s) in FiFa: 2012 MFL LLC & Santarini in GA2 LLC; 22N18 011 / L11 Unit 5 LA Current Property Owner: Santarini in GA2 LLC

Reference Data: 14900/557

Property Description: All and only that parcel of land designated as Tax Parcel 22N18 011, lying and being in Land Lot 304 of the 22nd Land District, 2nd Section, Cherokee County, Georgia, being Lot 11, Unit 5, Lake Arrowhead, Phase 1, Unit 5, as shown in Plat Book 9, Page 54, described in Deed Book 14900, Page 557, the description contained therein being incorporated herein by this reference, known as 290 Ridgewood Drive.

Years Due: 2023-2024 File #: 14

Map/Parcel Number: 22N18 012 Defendant(s) in FiFa: 2012 MFL LLC & Santarini in GA2 LLC; 22N18 012, L12 Unit 5 LA Current Property Owner: Santarini in GA2 LLC

Reference Data: 14900/557

Property Description: All and only that parcel of land designated as Tax Parcel 22N18 012, lying and being in Land Lot 304 of the 22nd Land District, 2nd Section, Cherokee County, Georgia, being Lot 12, Unit 5, Lake Arrowhead, Phase 1, Unit 5, as shown in Plat Book 9, Page 54, described in Deed Book 14900, Page 557, the description contained therein being incorporated herein by this reference, known as 278 Ridgewood Drive.

Years Due: 2023-2024 File #: 15

Map/Parcel Number: 22N18 017 Defendant(s) in FiFa: 2012 MFL LLC & Santarini in GA2 LLC; 22N18 017, L17 Unit 5 LA Current Property Owner: Santarini in GA2 LLC

Reference Data: 14900/557

Property Description: All and only that parcel of land designated as Tax Parcel 22N18 017, lying and being in Land Lot 304 of the 22nd Land District, 2nd Section, Cherokee County, Georgia, being Lot 17, Unit 5, Lake Arrowhead, Phase 1, Unit 5, as shown in Plat Book 9, Page 54, described in Deed Book 14900, Page 557, the description contained therein being incorporated herein by this reference, known as 242 Ridgewood Drive.

Years Due: 2023-2024 File #: 16

Map/Parcel Number: 22N18 019 Defendant(s) in FiFa: 2012 MFL LLC & Santarini in GA2 LLC; 22N18 019, Lot 19 Unit 5 Lake ArrowheadPB 9 Pg 54 Current Property Owner: Santarini in GA2 LLC

Reference Data: 14900/557

Property Description: All and only that parcel of land designated as Tax Parcel 22N18 019, lying and being in Land Lot 304 of the 22nd Land District, 2nd Section, Cherokee County, Georgia, being Lot 19, Unit 5, Phase 1, Lake Arrowhead Subdivision, as shown in Plat Book 9, Page 54, described in Deed Book 14900, Page 557, the description contained therein being incorporated herein by this reference, known as 310 Ridgewood Drive.

Years Due: 2023-2024 File #: 17

Map/Parcel Number: 22N18 020 Defendant(s) in FiFa: 2012 MFL LLC & Santarini in GA2 LLC; 22N18 020, L20 Unit 5 LA Current Property Owner: Santarini in GA2 LLC

Reference Data: 14900/557

Property Description: All and only that parcel of land designated as Tax Parcel 22N18 020, lying and being in Land Lot 304 of the 22nd Land District, 2nd Section, Cherokee County, Georgia, being Lot 20, Unit 5, Lake Arrowhead, Phase 1, Unit 5, as shown in Plat Book 9, Page 54, described in Deed Book 14900, Page 557, the description contained therein being incorporated herein by this reference, known as 298 Ridgewood Drive.

Years Due: 2023-2024 File #: 18

Map/Parcel Number: 22N18 021 Defendant(s) in FiFa: 2012 MFL LLC & Santarini in GA2 LLC; 22N18 021, L21 Unit 5 LA Current Property Owner: Santarini in GA2 LLC

Reference Data: 14900/557

Property Description: All and only that parcel of land designated as Tax Parcel 22N18 021, lying and being in Land Lot 304 of the 22nd Land District, 2nd Section, Cherokee County, Georgia, being Lot 21, Unit 5, Lake Arrowhead, Phase 1, Unit 5, as shown in Plat Book 9, Page 54, described in Deed Book 14900, Page 557, the description contained therein being incorporated herein by this reference, known as 286 Ridgewood Drive.

Years Due: 2023-2024 File #: 19

Map/Parcel Number: 22N18 022 Defendant(s) in FiFa: 2012 MFL LLC & Santarini in GA2 LLC; 22N18 022, L22 Unit 5 LA Current Property Owner: Santarini in GA2 LLC

Reference Data: 14900/557

Property Description: All and only that parcel of land designated as Tax Parcel 22N18 022, lying and being in Land Lot 304 of the 22nd Land District, 2nd Section, Cherokee County, Georgia, being Lot 22, Unit 5, Lake Arrowhead, Phase 1, Unit 5, as shown in Plat Book 9, Page 54, described in Deed Book 14900, Page 557, the description contained therein being incorporated herein by this reference, known as 274 Ridgewood Drive.

Years Due: 2023-2024 File #: 20

Map/Parcel Number: 22N18 023 Defendant(s) in FiFa: 2012 MFL LLC & Santarini in GA2 LLC; 22N18 023, L23 Unit 5 LA Current Property Owner: Santarini in GA2 LLC

Reference Data: 14900/557

Property Description: All and only that parcel of land designated as Tax
